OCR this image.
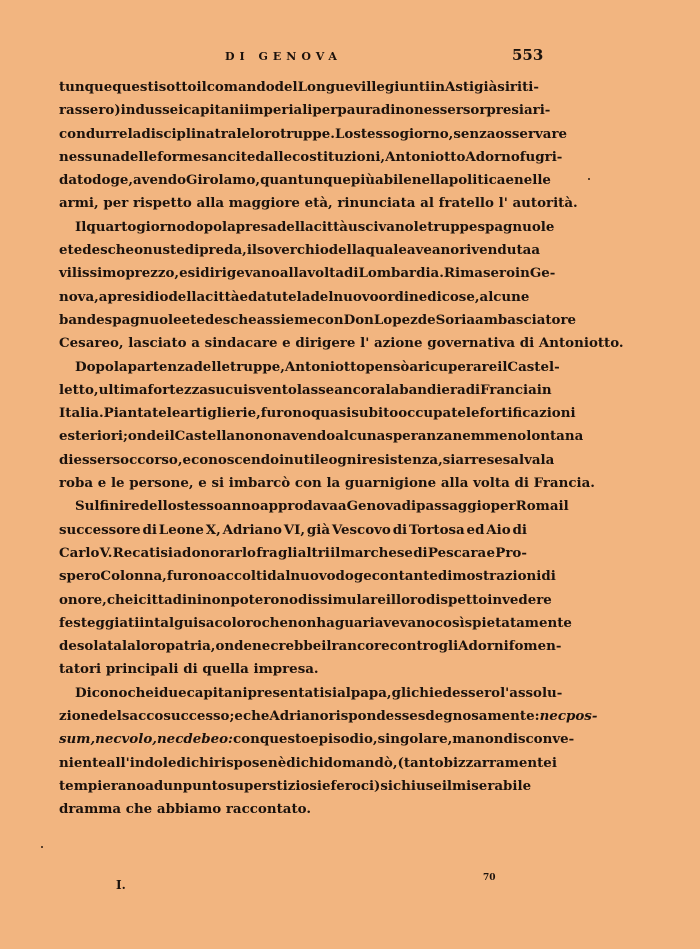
DI GENOVA	553
tunque questi sotto il comando del Longueville giunti in Asti già si riti-
rassero) indusse i capitani imperiali per paura di non esser sorpresi a ri-
condurre la disciplina tra le loro truppe. Lo stesso giorno, senza osservare
nessuna delle forme sancite dalle costituzioni, Antoniotto Adorno fu gri-
dato doge, avendo Girolamo, quantunque più abile nella politica e nelle
armi, per rispetto alla maggiore età, rinunciata al fratello l' autorità.
Il quarto giorno dopo la presa della città uscivano le truppe spagnuole
e tedesche onuste di preda, il soverchio della quale aveano rivenduta a
vilissimo prezzo, e si dirigevano alla volta di Lombardia. Rimasero in Ge-
nova, a presidio della città ed a tutela del nuovo ordine di cose, alcune
bande spagnuole e tedesche assieme con Don Lopez de Soria ambasciatore
Cesareo, lasciato a sindacare e dirigere l' azione governativa di Antoniotto.
Dopo la partenza delle truppe, Antoniotto pensò a ricuperare il Castel-
letto, ultima fortezza su cui sventolasse ancora la bandiera di Francia in
Italia. Piantate le artiglierie, furono quasi subito occupate le fortificazioni
esteriori; onde il Castellano non avendo alcuna speranza nemmeno lontana
di esser soccorso, e conoscendo inutile ogni resistenza, si arrese salva la
roba e le persone, e si imbarcò con la guarnigione alla volta di Francia.
Sul finire dello stesso anno approdava a Genova di passaggio per Roma il
successore di Leone X, Adriano VI, già Vescovo di Tortosa ed Aio di
Carlo V. Recatisi ad onorarlo fra gli altri il marchese di Pescara e Pro-
spero Colonna, furono accolti dal nuovo doge con tante dimostrazioni di
onore, che i cittadini non poterono dissimulare il loro dispetto in vedere
festeggiati in tal guisa coloro che non ha guari avevano così spietatamente
desolata la loro patria, onde ne crebbe il rancore contro gli Adorni fomen-
tatori principali di quella impresa.
Dicono che i due capitani presentatisi al papa, gli chiedessero l' assolu-
zione del sacco successo; e che Adriano rispondesse sdegnosamente: nec pos-
sum, nec volo, nec debeo: con questo episodio, singolare, ma non disconve-
niente all' indole di chi rispose nè di chi domandò, (tanto bizzarramente i
tempi erano ad un punto superstiziosi e feroci) si chiuse il miserabile
dramma che abbiamo raccontato.
I.	70
